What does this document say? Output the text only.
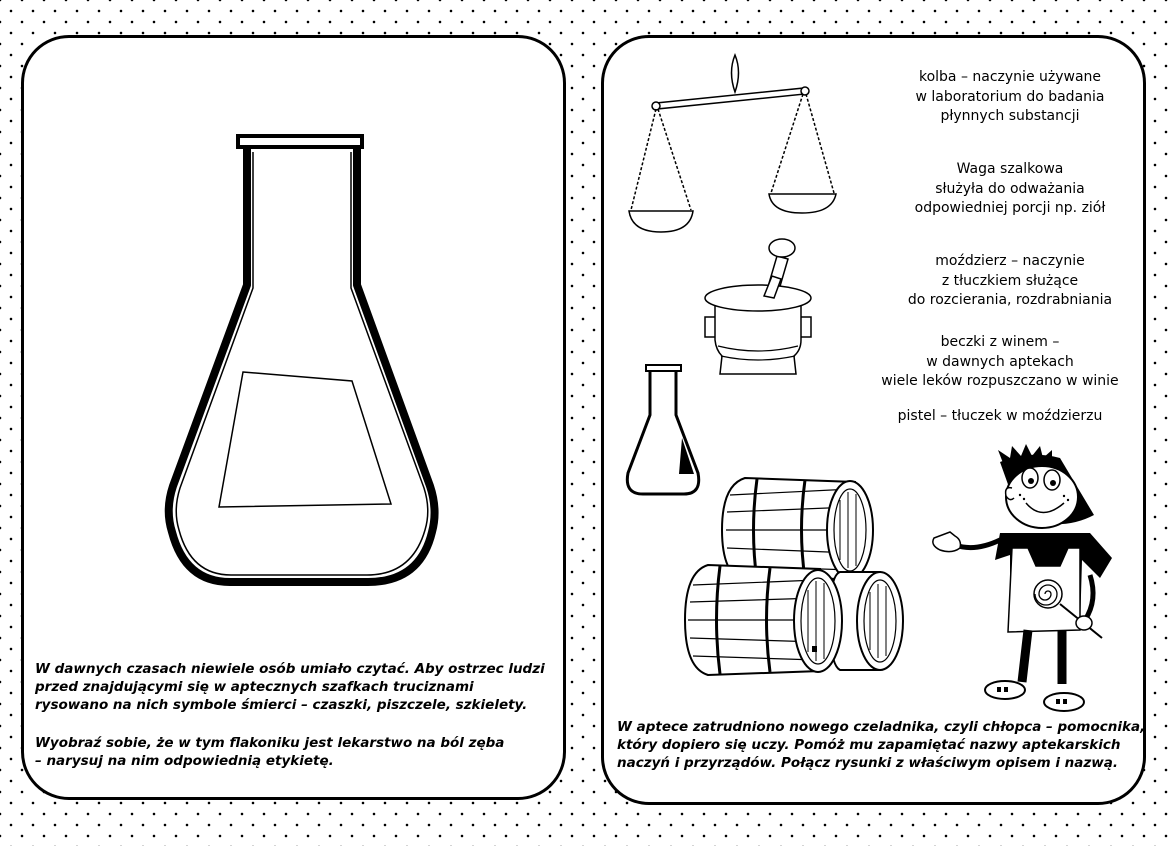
W dawnych czasach niewiele osób umiało czytać. Aby ostrzec ludzi
przed znajdującymi się w aptecznych szafkach truciznami
rysowano na nich symbole śmierci – czaszki, piszczele, szkielety.
Wyobraź sobie, że w tym flakoniku jest lekarstwo na ból zęba
– narysuj na nim odpowiednią etykietę.
kolba – naczynie używane
w laboratorium do badania
płynnych substancji
Waga szalkowa
służyła do odważania
odpowiedniej porcji np. ziół
moździerz – naczynie
z tłuczkiem służące
do rozcierania, rozdrabniania
beczki z winem –
w dawnych aptekach
wiele leków rozpuszczano w winie
pistel – tłuczek w moździerzu
W aptece zatrudniono nowego czeladnika, czyli chłopca – pomocnika,
który dopiero się uczy. Pomóż mu zapamiętać nazwy aptekarskich
naczyń i przyrządów. Połącz rysunki z właściwym opisem i nazwą.
